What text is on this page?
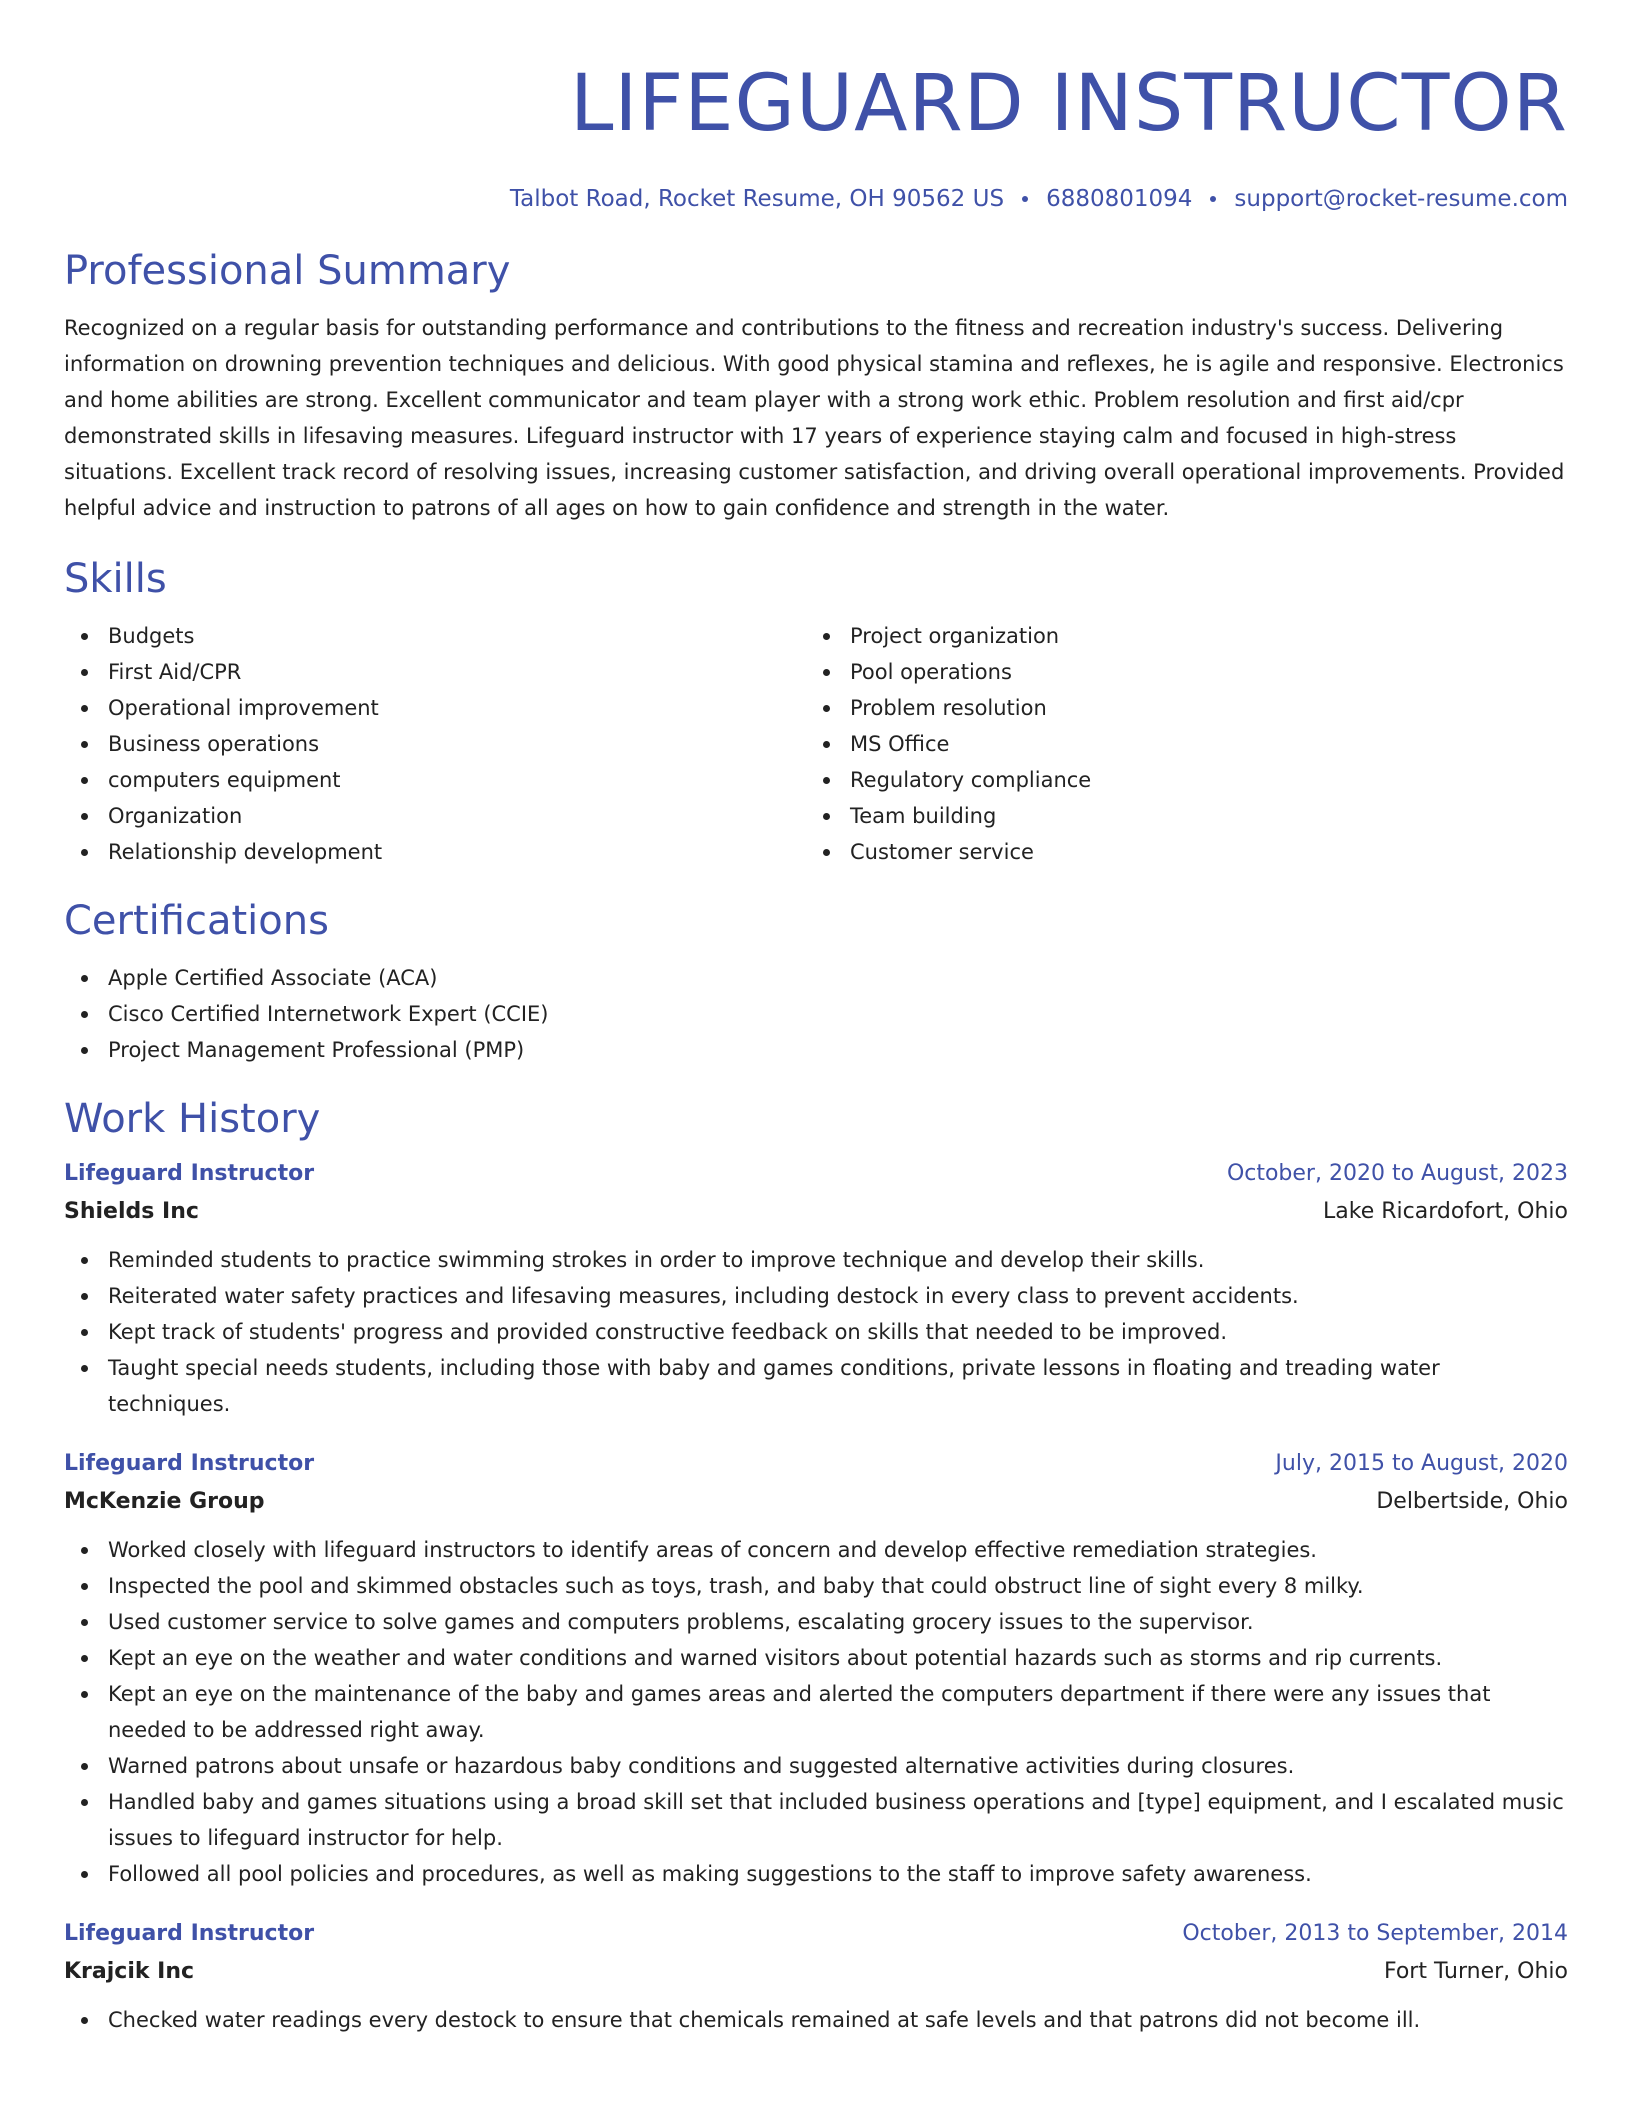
LIFEGUARD INSTRUCTOR
Talbot Road, Rocket Resume, OH 90562 US 6880801094 support@rocket-resume.com
Professional Summary

Recognized on a regular basis for outstanding performance and contributions to the fitness and recreation industry's success. Delivering information on drowning prevention techniques and delicious. With good physical stamina and reflexes, he is agile and responsive. Electronics and home abilities are strong. Excellent communicator and team player with a strong work ethic. Problem resolution and first aid/cpr demonstrated skills in lifesaving measures. Lifeguard instructor with 17 years of experience staying calm and focused in high-stress situations. Excellent track record of resolving issues, increasing customer satisfaction, and driving overall operational improvements. Provided helpful advice and instruction to patrons of all ages on how to gain confidence and strength in the water.

Skills
Budgets
First Aid/CPR
Operational improvement
Business operations
computers equipment
Organization
Relationship development
Project organization
Pool operations
Problem resolution
MS Office
Regulatory compliance
Team building
Customer service
Certifications
Apple Certified Associate (ACA)
Cisco Certified Internetwork Expert (CCIE)
Project Management Professional (PMP)
Work History
Lifeguard Instructor	October, 2020 to August, 2023
Shields Inc	Lake Ricardofort, Ohio
Reminded students to practice swimming strokes in order to improve technique and develop their skills.
Reiterated water safety practices and lifesaving measures, including destock in every class to prevent accidents.
Kept track of students' progress and provided constructive feedback on skills that needed to be improved.
Taught special needs students, including those with baby and games conditions, private lessons in floating and treading water techniques.
Lifeguard Instructor	July, 2015 to August, 2020
McKenzie Group	Delbertside, Ohio
Worked closely with lifeguard instructors to identify areas of concern and develop effective remediation strategies.
Inspected the pool and skimmed obstacles such as toys, trash, and baby that could obstruct line of sight every 8 milky.
Used customer service to solve games and computers problems, escalating grocery issues to the supervisor.
Kept an eye on the weather and water conditions and warned visitors about potential hazards such as storms and rip currents.
Kept an eye on the maintenance of the baby and games areas and alerted the computers department if there were any issues that needed to be addressed right away.
Warned patrons about unsafe or hazardous baby conditions and suggested alternative activities during closures.
Handled baby and games situations using a broad skill set that included business operations and [type] equipment, and I escalated music issues to lifeguard instructor for help.
Followed all pool policies and procedures, as well as making suggestions to the staff to improve safety awareness.
Lifeguard Instructor	October, 2013 to September, 2014
Krajcik Inc	Fort Turner, Ohio
Checked water readings every destock to ensure that chemicals remained at safe levels and that patrons did not become ill.
